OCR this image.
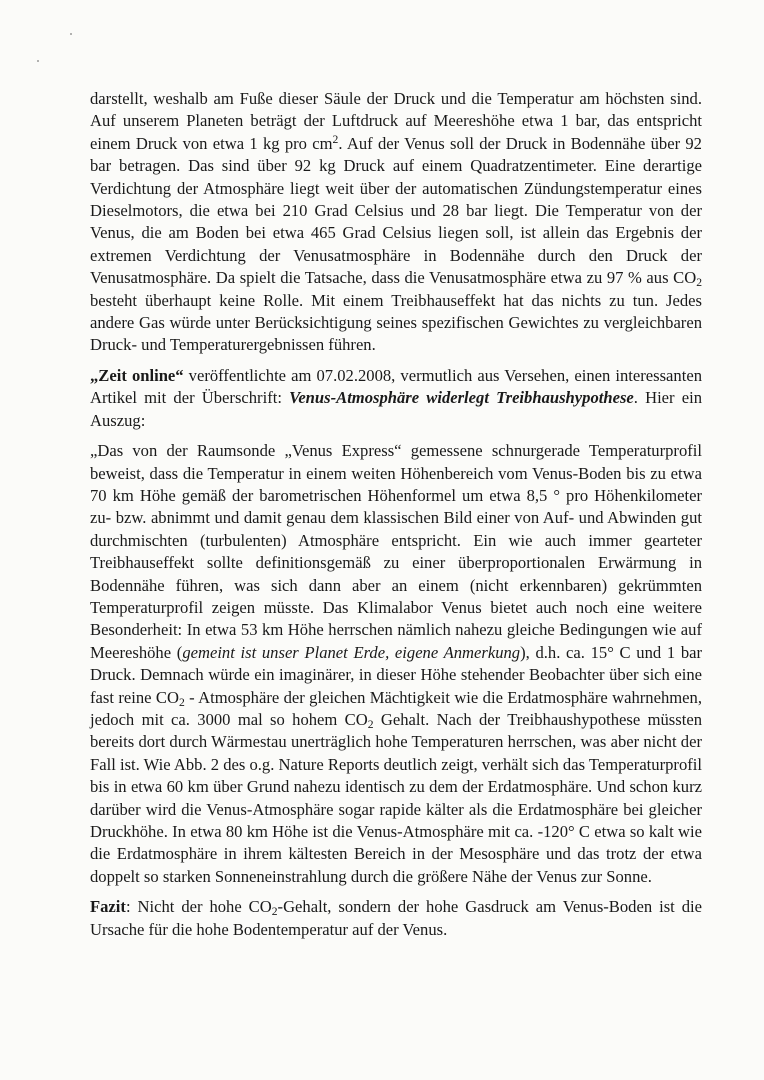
darstellt, weshalb am Fuße dieser Säule der Druck und die Temperatur am höchsten sind. Auf unserem Planeten beträgt der Luftdruck auf Meereshöhe etwa 1 bar, das entspricht einem Druck von etwa 1 kg pro $cm^2$. Auf der Venus soll der Druck in Bodennähe über 92 bar betragen. Das sind über 92 kg Druck auf einem Quadratzentimeter. Eine derartige Verdichtung der Atmosphäre liegt weit über der automatischen Zündungstemperatur eines Dieselmotors, die etwa bei 210 Grad Celsius und 28 bar liegt. Die Temperatur von der Venus, die am Boden bei etwa 465 Grad Celsius liegen soll, ist allein das Ergebnis der extremen Verdichtung der Venusatmosphäre in Bodennähe durch den Druck der Venusatmosphäre. Da spielt die Tatsache, dass die Venusatmosphäre etwa zu 97 % aus $CO_2$ besteht überhaupt keine Rolle. Mit einem Treibhauseffekt hat das nichts zu tun. Jedes andere Gas würde unter Berücksichtigung seines spezifischen Gewichtes zu vergleichbaren Druck- und Temperaturergebnissen führen.

„Zeit online“ veröffentlichte am 07.02.2008, vermutlich aus Versehen, einen interessanten Artikel mit der Überschrift: Venus-Atmosphäre widerlegt Treibhaushypothese. Hier ein Auszug:

„Das von der Raumsonde „Venus Express“ gemessene schnurgerade Temperaturprofil beweist, dass die Temperatur in einem weiten Höhenbereich vom Venus-Boden bis zu etwa 70 km Höhe gemäß der barometrischen Höhenformel um etwa 8,5 ° pro Höhenkilometer zu- bzw. abnimmt und damit genau dem klassischen Bild einer von Auf- und Abwinden gut durchmischten (turbulenten) Atmosphäre entspricht. Ein wie auch immer gearteter Treibhauseffekt sollte definitionsgemäß zu einer überproportionalen Erwärmung in Bodennähe führen, was sich dann aber an einem (nicht erkennbaren) gekrümmten Temperaturprofil zeigen müsste. Das Klimalabor Venus bietet auch noch eine weitere Besonderheit: In etwa 53 km Höhe herrschen nämlich nahezu gleiche Bedingungen wie auf Meereshöhe (gemeint ist unser Planet Erde, eigene Anmerkung), d.h. ca. 15° C und 1 bar Druck. Demnach würde ein imaginärer, in dieser Höhe stehender Beobachter über sich eine fast reine $CO_2$ - Atmosphäre der gleichen Mächtigkeit wie die Erdatmosphäre wahrnehmen, jedoch mit ca. 3000 mal so hohem $CO_2$ Gehalt. Nach der Treibhaushypothese müssten bereits dort durch Wärmestau unerträglich hohe Temperaturen herrschen, was aber nicht der Fall ist. Wie Abb. 2 des o.g. Nature Reports deutlich zeigt, verhält sich das Temperaturprofil bis in etwa 60 km über Grund nahezu identisch zu dem der Erdatmosphäre. Und schon kurz darüber wird die Venus-Atmosphäre sogar rapide kälter als die Erdatmosphäre bei gleicher Druckhöhe. In etwa 80 km Höhe ist die Venus-Atmosphäre mit ca. -120° C etwa so kalt wie die Erdatmosphäre in ihrem kältesten Bereich in der Mesosphäre und das trotz der etwa doppelt so starken Sonneneinstrahlung durch die größere Nähe der Venus zur Sonne.

Fazit: Nicht der hohe $CO_2$-Gehalt, sondern der hohe Gasdruck am Venus-Boden ist die Ursache für die hohe Bodentemperatur auf der Venus.
